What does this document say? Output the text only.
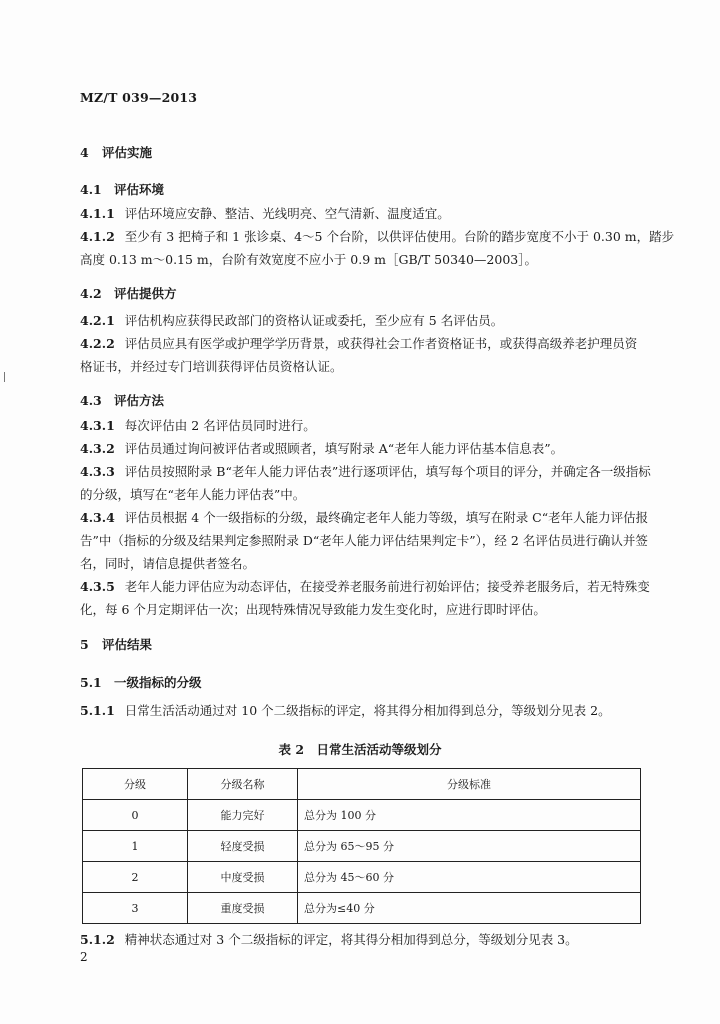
MZ/T 039—2013
4 评估实施
4.1 评估环境
4.1.1 评估环境应安静、整洁、光线明亮、空气清新、温度适宜。
4.1.2 至少有 3 把椅子和 1 张诊桌、4～5 个台阶，以供评估使用。台阶的踏步宽度不小于 0.30 m，踏步
高度 0.13 m～0.15 m，台阶有效宽度不应小于 0.9 m［GB/T 50340—2003］。
4.2 评估提供方
4.2.1 评估机构应获得民政部门的资格认证或委托，至少应有 5 名评估员。
4.2.2 评估员应具有医学或护理学学历背景，或获得社会工作者资格证书，或获得高级养老护理员资
格证书，并经过专门培训获得评估员资格认证。
4.3 评估方法
4.3.1 每次评估由 2 名评估员同时进行。
4.3.2 评估员通过询问被评估者或照顾者，填写附录 A“老年人能力评估基本信息表”。
4.3.3 评估员按照附录 B“老年人能力评估表”进行逐项评估，填写每个项目的评分，并确定各一级指标
的分级，填写在“老年人能力评估表”中。
4.3.4 评估员根据 4 个一级指标的分级，最终确定老年人能力等级，填写在附录 C“老年人能力评估报
告”中（指标的分级及结果判定参照附录 D“老年人能力评估结果判定卡”），经 2 名评估员进行确认并签
名，同时，请信息提供者签名。
4.3.5 老年人能力评估应为动态评估，在接受养老服务前进行初始评估；接受养老服务后，若无特殊变
化，每 6 个月定期评估一次；出现特殊情况导致能力发生变化时，应进行即时评估。
5 评估结果
5.1 一级指标的分级
5.1.1 日常生活活动通过对 10 个二级指标的评定，将其得分相加得到总分，等级划分见表 2。
表 2　日常生活活动等级划分
分级	分级名称	分级标准
0	能力完好	总分为 100 分
1	轻度受损	总分为 65～95 分
2	中度受损	总分为 45～60 分
3	重度受损	总分为≤40 分
5.1.2 精神状态通过对 3 个二级指标的评定，将其得分相加得到总分，等级划分见表 3。
2
